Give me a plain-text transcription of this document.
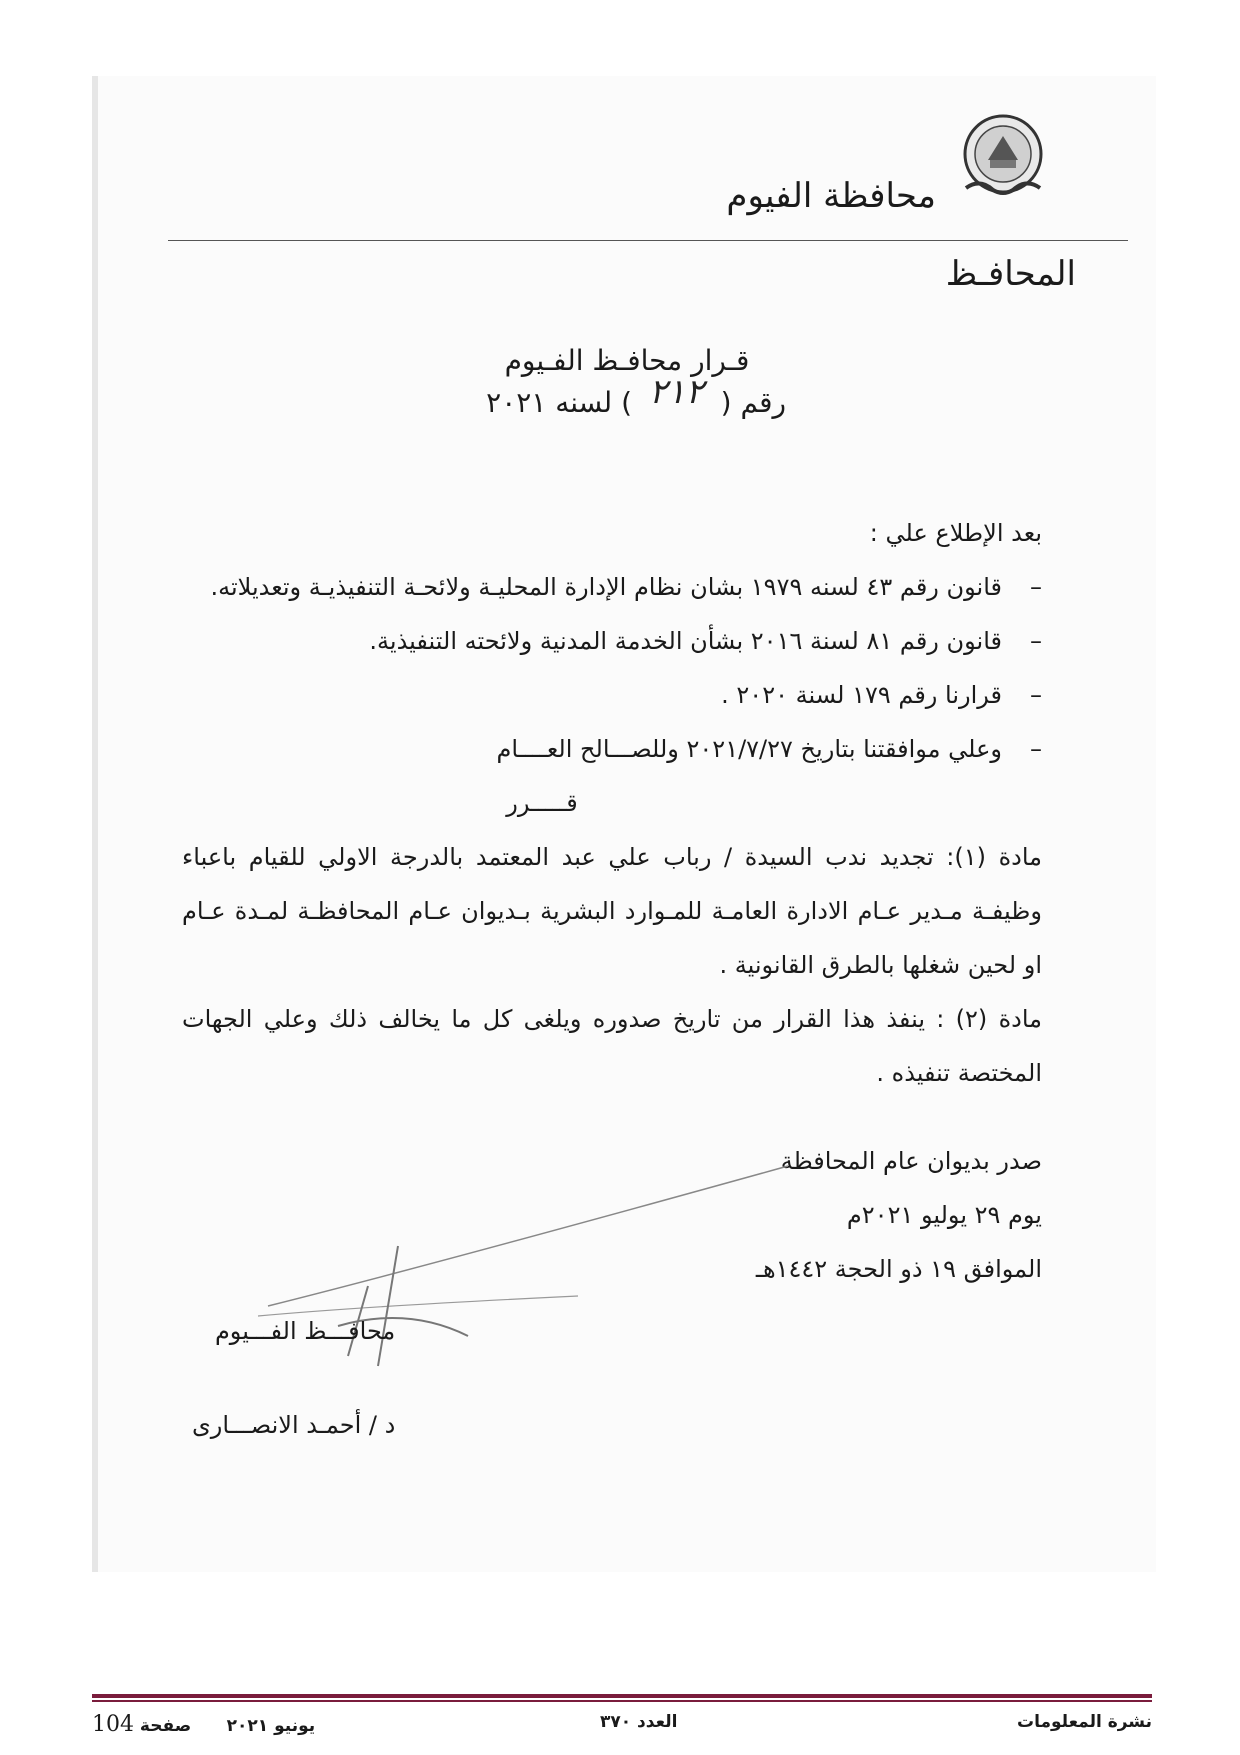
محافظة الفيوم
المحافـظ
قـرار محافـظ الفـيوم
رقم ( ٢١٢ ) لسنه ٢٠٢١
بعد الإطلاع علي :
–
قانون رقم ٤٣ لسنه ١٩٧٩ بشان نظام الإدارة المحليـة ولائحـة التنفيذيـة وتعديلاته.
–
قانون رقم ٨١ لسنة ٢٠١٦ بشأن الخدمة المدنية ولائحته التنفيذية.
–
قرارنا رقم ١٧٩ لسنة ٢٠٢٠ .
–
وعلي موافقتنا بتاريخ ٢٠٢١/٧/٢٧ وللصـــالح العــــام
قـــــرر
مادة (١): تجديد ندب السيدة / رباب علي عبد المعتمد بالدرجة الاولي للقيام باعباء وظيفـة مـدير عـام الادارة العامـة للمـوارد البشرية بـديوان عـام المحافظـة لمـدة عـام او لحين شغلها بالطرق القانونية .
مادة (٢) : ينفذ هذا القرار من تاريخ صدوره ويلغى كل ما يخالف ذلك وعلي الجهات المختصة تنفيذه .
صدر بديوان عام المحافظة
يوم ٢٩ يوليو ٢٠٢١م
الموافق ١٩ ذو الحجة ١٤٤٢هـ
محافـــظ الفـــيوم
د / أحمـد الانصـــارى
نشرة المعلومات
العدد ٣٧٠
يونيو ٢٠٢١      صفحة 104
